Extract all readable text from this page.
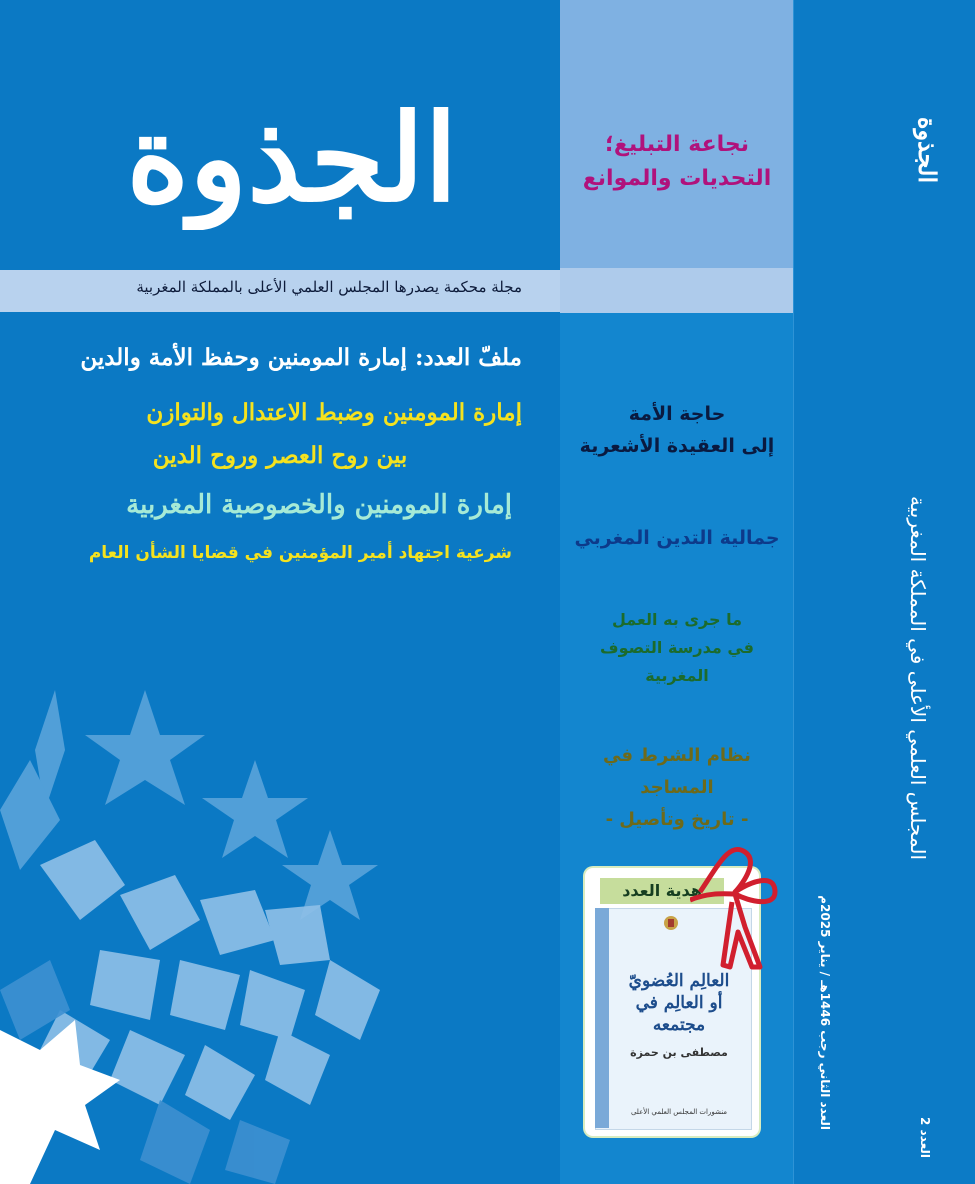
الجذوة
مجلة محكمة يصدرها المجلس العلمي الأعلى بالمملكة المغربية
ملفّ العدد: إمارة المومنين وحفظ الأمة والدين
إمارة المومنين وضبط الاعتدال والتوازن
بين روح العصر وروح الدين
إمارة المومنين والخصوصية المغربية
شرعية اجتهاد أمير المؤمنين في قضايا الشأن العام
نجاعة التبليغ؛
التحديات والموانع
حاجة الأمة
إلى العقيدة الأشعرية
جمالية التدين المغربي
ما جرى به العمل
في مدرسة التصوف المغربية
نظام الشرط في المساجد
- تاريخ وتأصيل -
هدية العدد
العالِم العُضويّ
أو العالِم في مجتمعه
مصطفى بن حمزة
منشورات المجلس العلمي الأعلى
الجذوة
المجلس العلمي الأعلى في المملكة المغربية
العدد الثاني رجب 1446هـ / يناير 2025م	العدد 2
